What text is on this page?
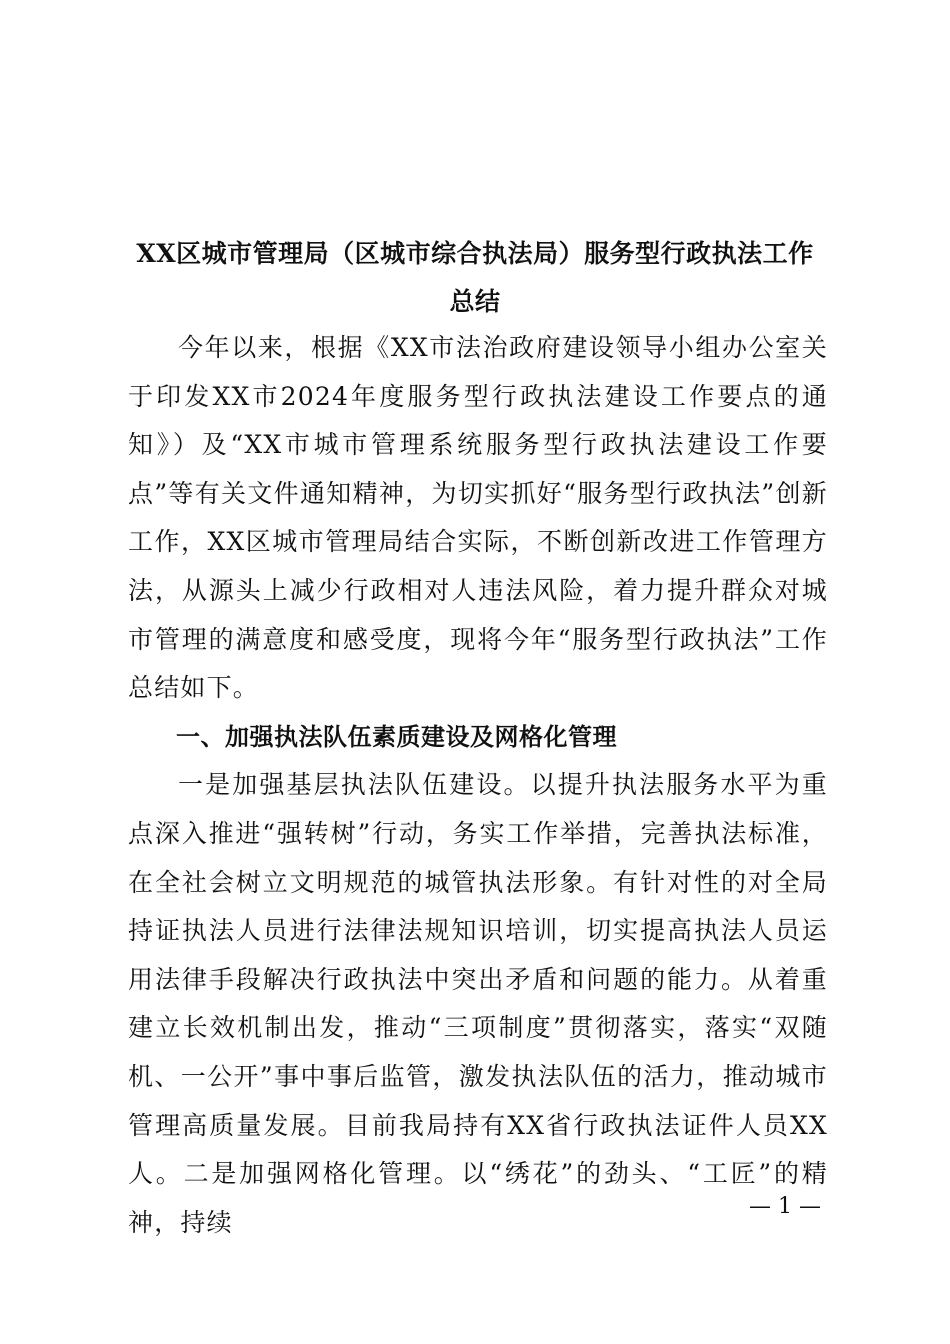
XX区城市管理局（区城市综合执法局）服务型行政执法工作总结

今年以来，根据《XX市法治政府建设领导小组办公室关于印发XX市2024年度服务型行政执法建设工作要点的通知》）及“XX市城市管理系统服务型行政执法建设工作要点”等有关文件通知精神，为切实抓好“服务型行政执法”创新工作，XX区城市管理局结合实际，不断创新改进工作管理方法，从源头上减少行政相对人违法风险，着力提升群众对城市管理的满意度和感受度，现将今年“服务型行政执法”工作总结如下。

一、加强执法队伍素质建设及网格化管理

一是加强基层执法队伍建设。以提升执法服务水平为重点深入推进“强转树”行动，务实工作举措，完善执法标准，在全社会树立文明规范的城管执法形象。有针对性的对全局持证执法人员进行法律法规知识培训，切实提高执法人员运用法律手段解决行政执法中突出矛盾和问题的能力。从着重建立长效机制出发，推动“三项制度”贯彻落实，落实“双随机、一公开”事中事后监管，激发执法队伍的活力，推动城市管理高质量发展。目前我局持有XX省行政执法证件人员XX人。二是加强网格化管理。以“绣花”的劲头、“工匠”的精神，持续

— 1 —
